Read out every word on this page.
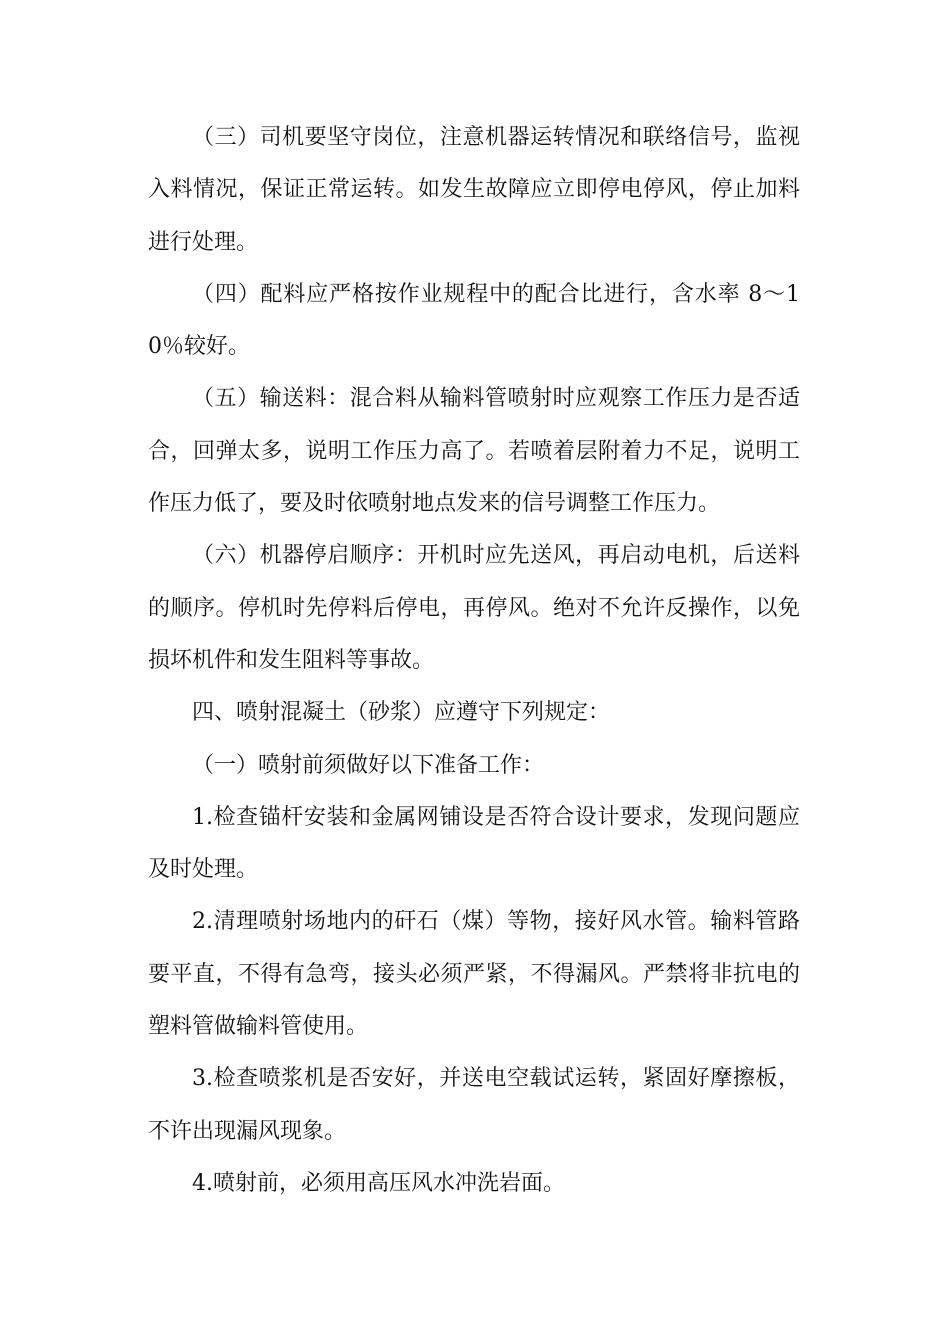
（三）司机要坚守岗位，注意机器运转情况和联络信号，监视入料情况，保证正常运转。如发生故障应立即停电停风，停止加料进行处理。

（四）配料应严格按作业规程中的配合比进行，含水率 8～10％较好。

（五）输送料：混合料从输料管喷射时应观察工作压力是否适合，回弹太多，说明工作压力高了。若喷着层附着力不足，说明工作压力低了，要及时依喷射地点发来的信号调整工作压力。

（六）机器停启顺序：开机时应先送风，再启动电机，后送料的顺序。停机时先停料后停电，再停风。绝对不允许反操作，以免损坏机件和发生阻料等事故。

四、喷射混凝土（砂浆）应遵守下列规定：

（一）喷射前须做好以下准备工作：

1.检查锚杆安装和金属网铺设是否符合设计要求，发现问题应及时处理。

2.清理喷射场地内的矸石（煤）等物，接好风水管。输料管路要平直，不得有急弯，接头必须严紧，不得漏风。严禁将非抗电的塑料管做输料管使用。

3.检查喷浆机是否安好，并送电空载试运转，紧固好摩擦板，不许出现漏风现象。

4.喷射前，必须用高压风水冲洗岩面。
